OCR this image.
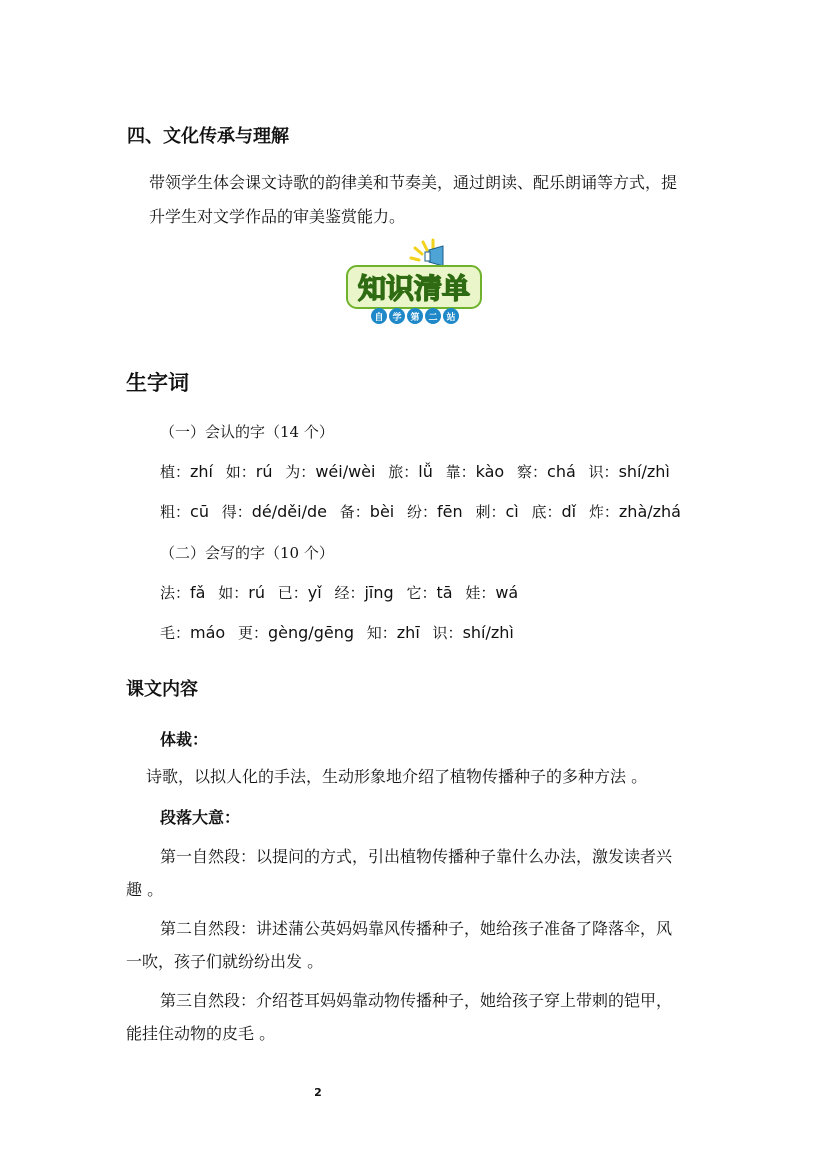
四、文化传承与理解
带领学生体会课文诗歌的韵律美和节奏美，通过朗读、配乐朗诵等方式，提
升学生对文学作品的审美鉴赏能力。
知识清单
自 学 第 二 站
生字词
（一）会认的字（14 个）
植：zhí 如：rú 为：wéi/wèi 旅：lǚ 靠：kào 察：chá 识：shí/zhì
粗：cū 得：dé/děi/de 备：bèi 纷：fēn 刺：cì 底：dǐ 炸：zhà/zhá
（二）会写的字（10 个）
法：fǎ 如：rú 已：yǐ 经：jīng 它：tā 娃：wá
毛：máo 更：gèng/gēng 知：zhī 识：shí/zhì
课文内容
体裁：
诗歌，以拟人化的手法，生动形象地介绍了植物传播种子的多种方法 。
段落大意：
第一自然段：以提问的方式，引出植物传播种子靠什么办法，激发读者兴
趣 。
第二自然段：讲述蒲公英妈妈靠风传播种子，她给孩子准备了降落伞，风
一吹，孩子们就纷纷出发 。
第三自然段：介绍苍耳妈妈靠动物传播种子，她给孩子穿上带刺的铠甲，
能挂住动物的皮毛 。
2
